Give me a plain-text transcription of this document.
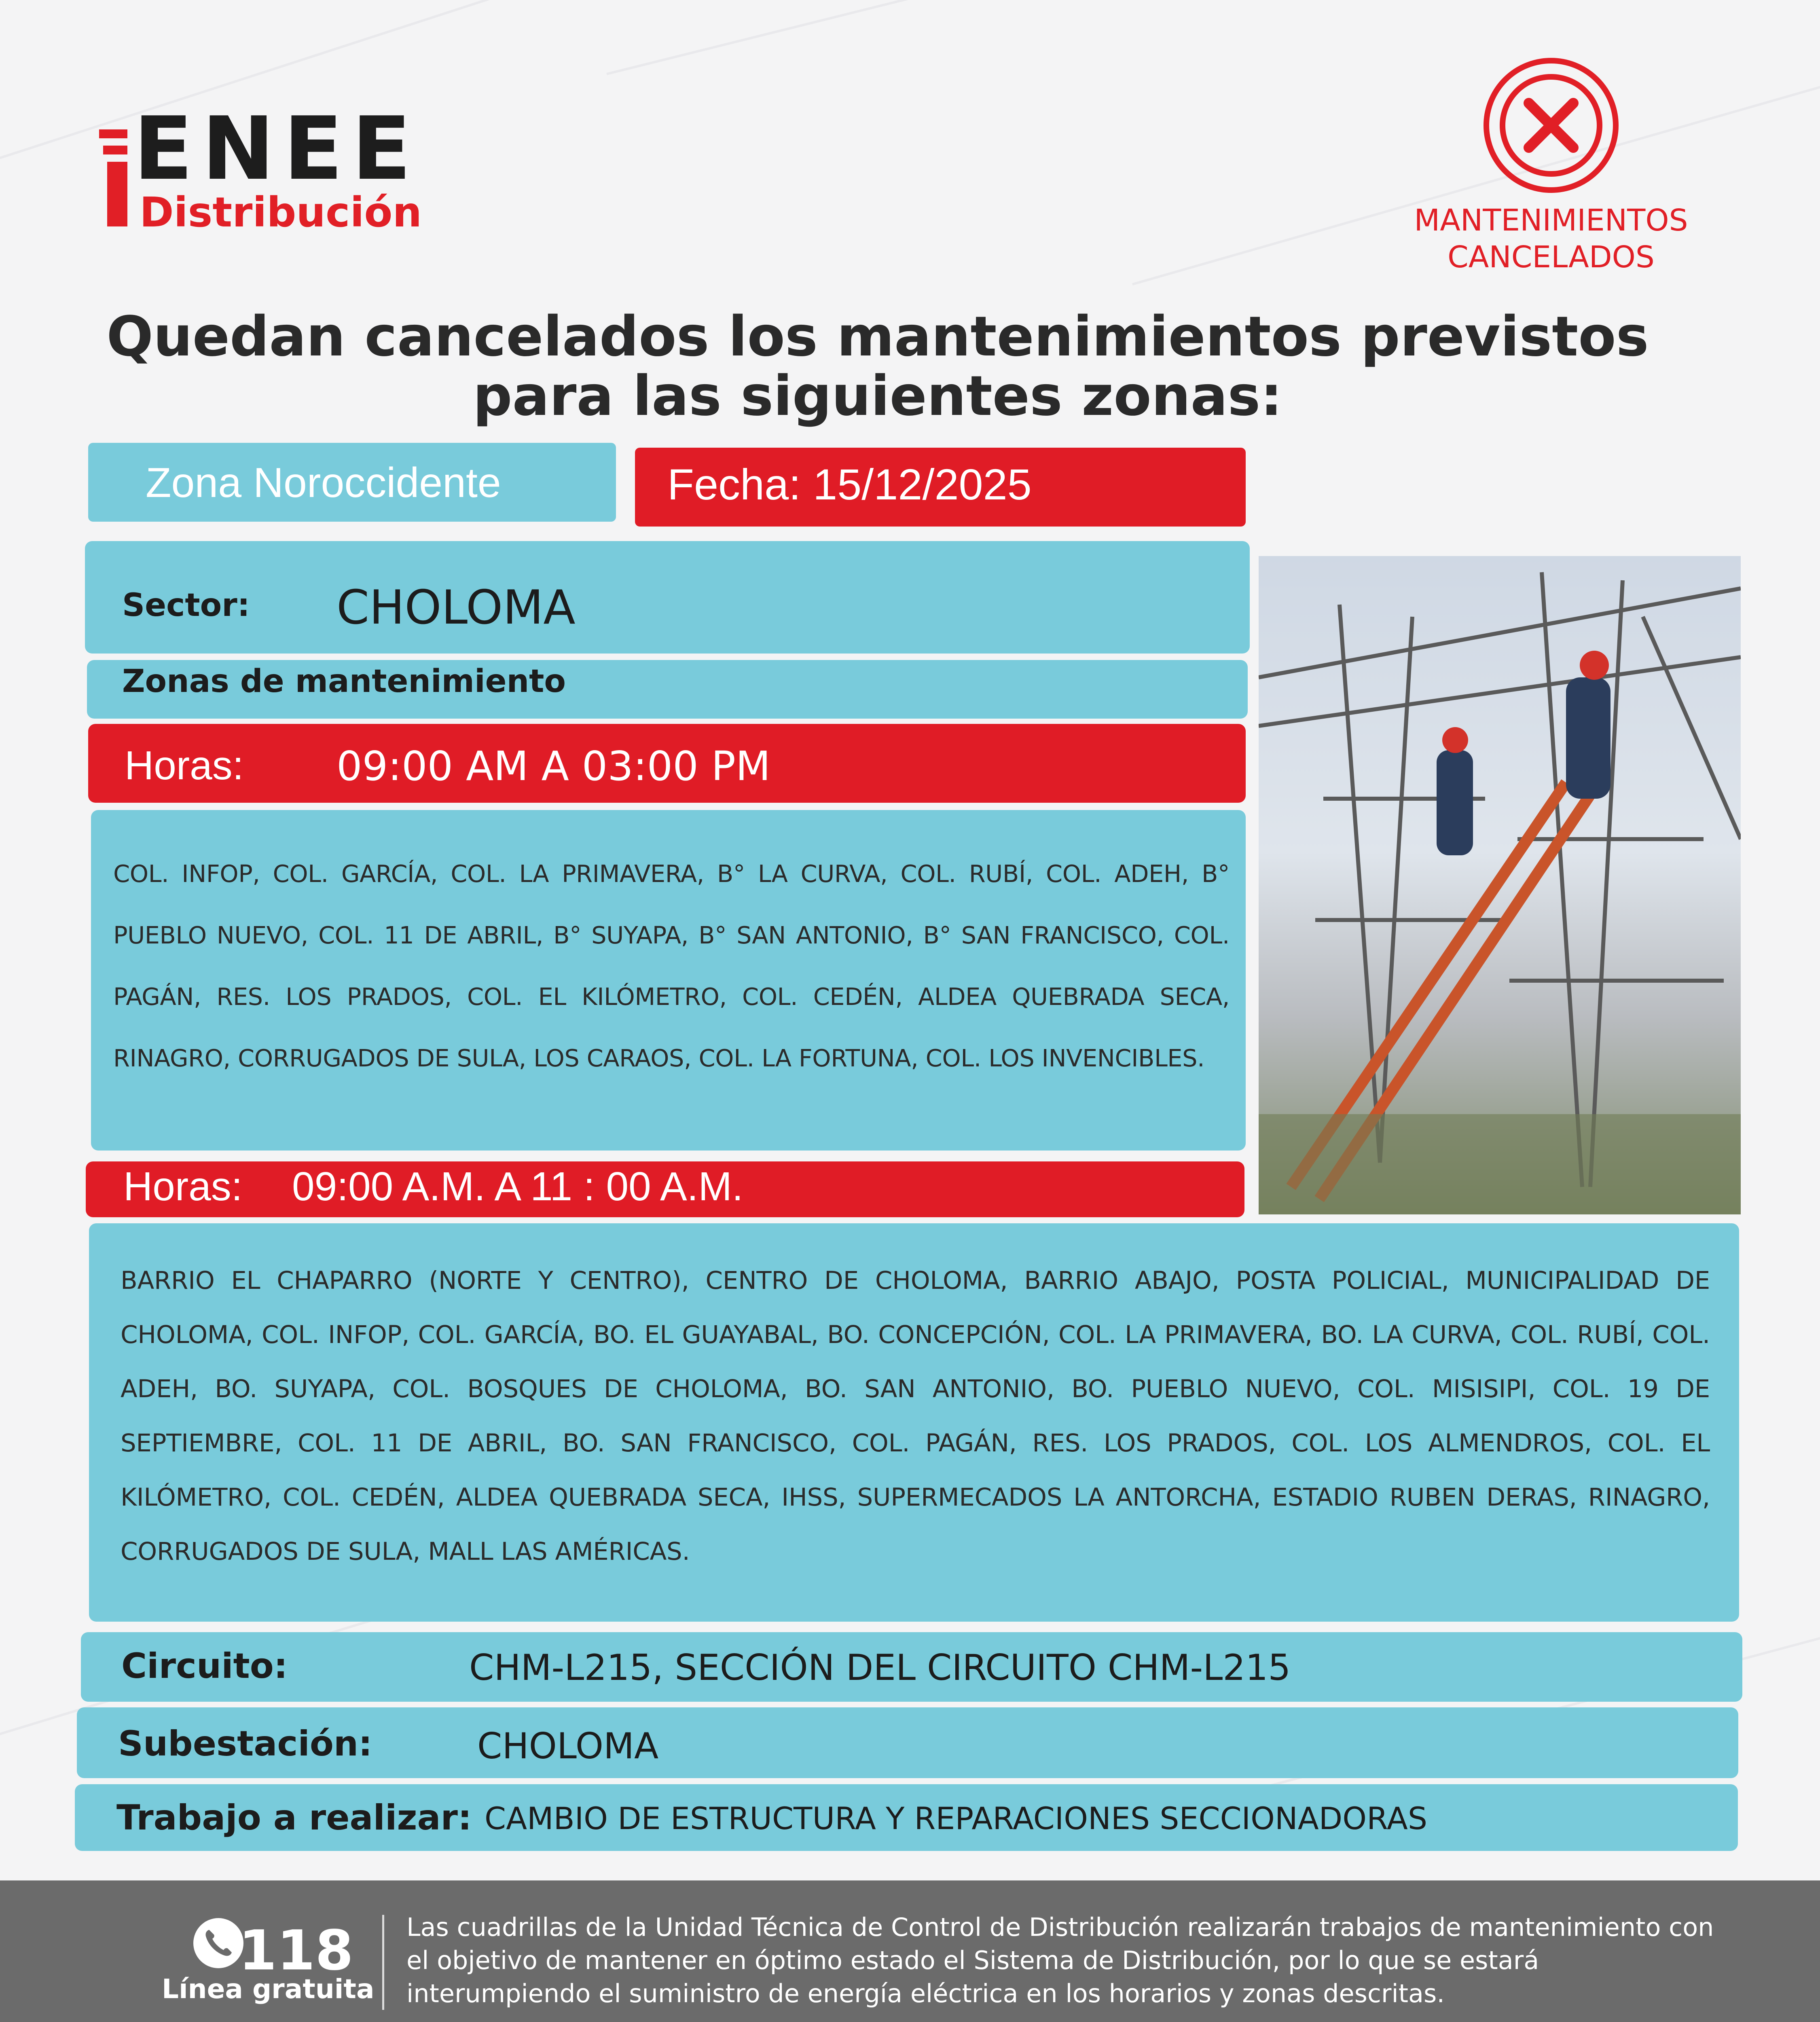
ENEE
Distribución	MANTENIMIENTOS
CANCELADOS
Quedan cancelados los mantenimientos previstos
para las siguientes zonas:
Zona Noroccidente	Fecha: 15/12/2025
Sector: CHOLOMA
Zonas de mantenimiento
Horas: 09:00 AM A 03:00 PM
COL. INFOP, COL. GARCÍA, COL. LA PRIMAVERA, B° LA CURVA, COL. RUBÍ, COL. ADEH, B° PUEBLO NUEVO, COL. 11 DE ABRIL, B° SUYAPA, B° SAN ANTONIO, B° SAN FRANCISCO, COL. PAGÁN, RES. LOS PRADOS, COL. EL KILÓMETRO, COL. CEDÉN, ALDEA QUEBRADA SECA, RINAGRO, CORRUGADOS DE SULA, LOS CARAOS, COL. LA FORTUNA, COL. LOS INVENCIBLES.
Horas: 09:00 A.M. A 11 : 00 A.M.
BARRIO EL CHAPARRO (NORTE Y CENTRO), CENTRO DE CHOLOMA, BARRIO ABAJO, POSTA POLICIAL, MUNICIPALIDAD DE CHOLOMA, COL. INFOP, COL. GARCÍA, BO. EL GUAYABAL, BO. CONCEPCIÓN, COL. LA PRIMAVERA, BO. LA CURVA, COL. RUBÍ, COL. ADEH, BO. SUYAPA, COL. BOSQUES DE CHOLOMA, BO. SAN ANTONIO, BO. PUEBLO NUEVO, COL. MISISIPI, COL. 19 DE SEPTIEMBRE, COL. 11 DE ABRIL, BO. SAN FRANCISCO, COL. PAGÁN, RES. LOS PRADOS, COL. LOS ALMENDROS, COL. EL KILÓMETRO, COL. CEDÉN, ALDEA QUEBRADA SECA, IHSS, SUPERMECADOS LA ANTORCHA, ESTADIO RUBEN DERAS, RINAGRO, CORRUGADOS DE SULA, MALL LAS AMÉRICAS.
Circuito:	CHM-L215, SECCIÓN DEL CIRCUITO CHM-L215
Subestación:	CHOLOMA
Trabajo a realizar: CAMBIO DE ESTRUCTURA Y REPARACIONES SECCIONADORAS
118
Línea gratuita
Las cuadrillas de la Unidad Técnica de Control de Distribución realizarán trabajos de mantenimiento con el objetivo de mantener en óptimo estado el Sistema de Distribución, por lo que se estará interumpiendo el suministro de energía eléctrica en los horarios y zonas descritas.
